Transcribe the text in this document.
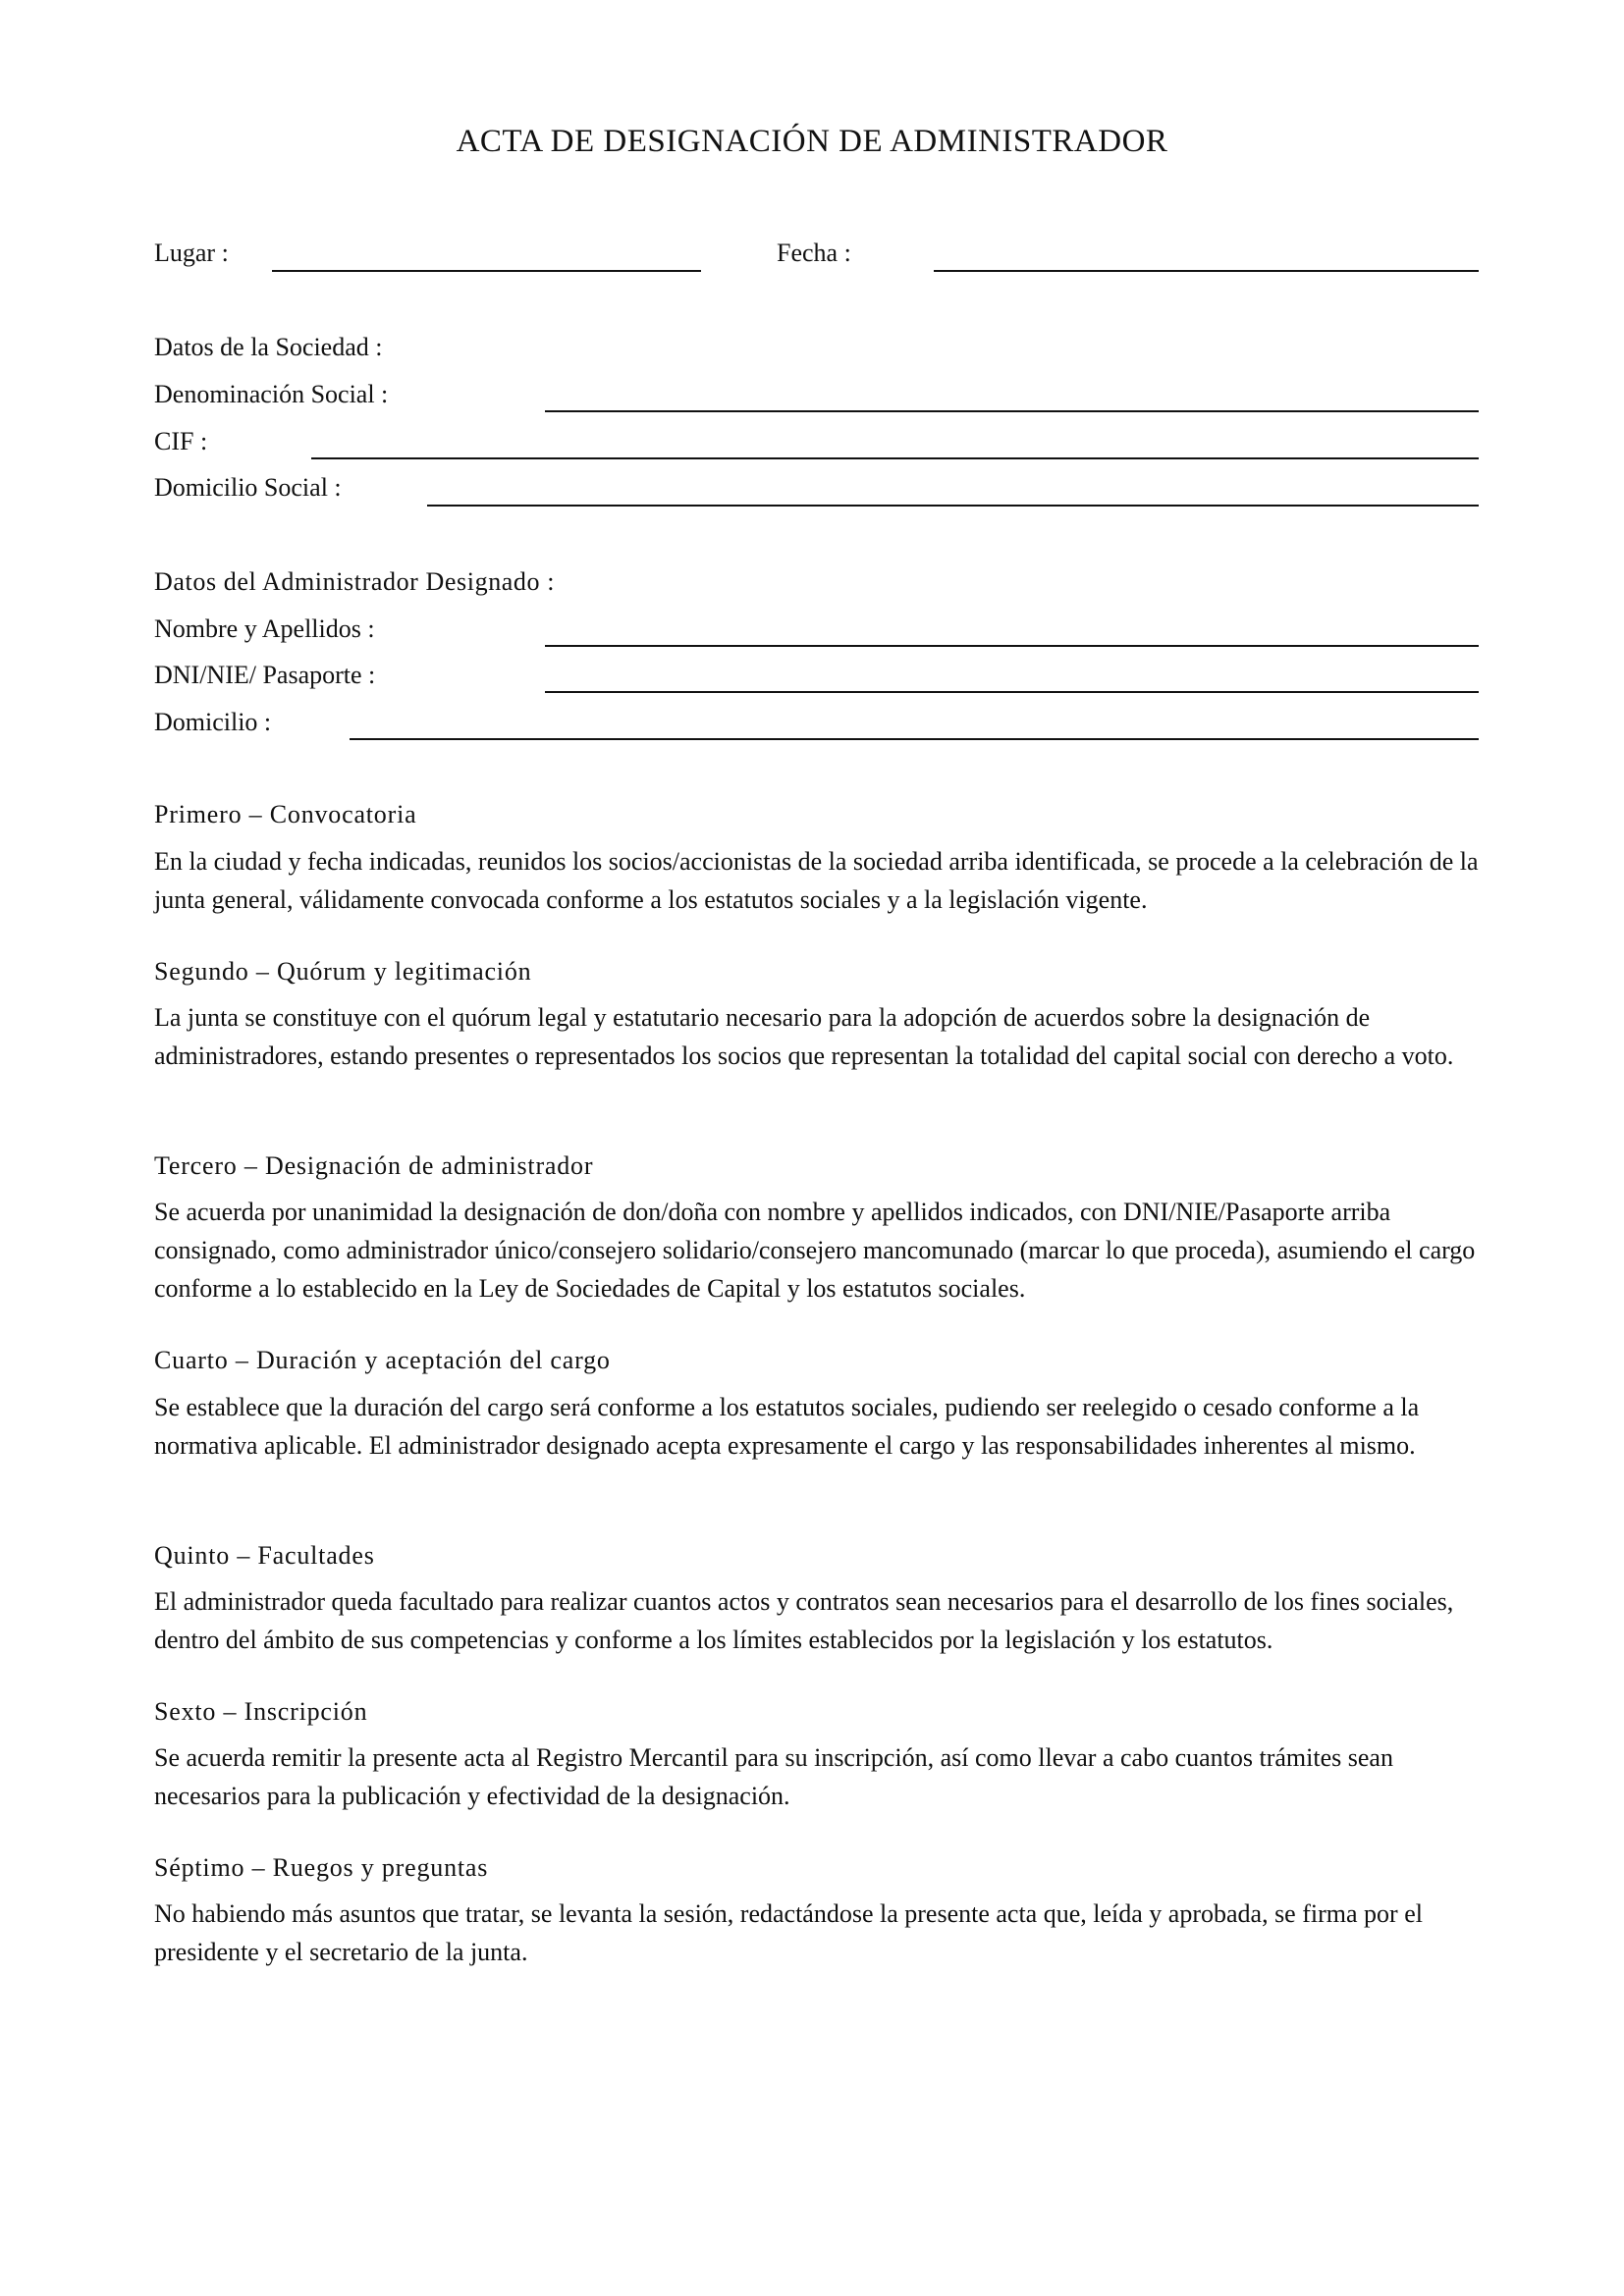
ACTA DE DESIGNACIÓN DE ADMINISTRADOR
Lugar :	Fecha :
Datos de la Sociedad :
Denominación Social :
CIF :
Domicilio Social :
Datos del Administrador Designado :
Nombre y Apellidos :
DNI/NIE/ Pasaporte :
Domicilio :
Primero – Convocatoria

En la ciudad y fecha indicadas, reunidos los socios/accionistas de la sociedad arriba identificada, se procede a la celebración de la junta general, válidamente convocada conforme a los estatutos sociales y a la legislación vigente.

Segundo – Quórum y legitimación

La junta se constituye con el quórum legal y estatutario necesario para la adopción de acuerdos sobre la designación de administradores, estando presentes o representados los socios que representan la totalidad del capital social con derecho a voto.

Tercero – Designación de administrador

Se acuerda por unanimidad la designación de don/doña con nombre y apellidos indicados, con DNI/NIE/Pasaporte arriba consignado, como administrador único/consejero solidario/consejero mancomunado (marcar lo que proceda), asumiendo el cargo conforme a lo establecido en la Ley de Sociedades de Capital y los estatutos sociales.

Cuarto – Duración y aceptación del cargo

Se establece que la duración del cargo será conforme a los estatutos sociales, pudiendo ser reelegido o cesado conforme a la normativa aplicable. El administrador designado acepta expresamente el cargo y las responsabilidades inherentes al mismo.

Quinto – Facultades

El administrador queda facultado para realizar cuantos actos y contratos sean necesarios para el desarrollo de los fines sociales, dentro del ámbito de sus competencias y conforme a los límites establecidos por la legislación y los estatutos.

Sexto – Inscripción

Se acuerda remitir la presente acta al Registro Mercantil para su inscripción, así como llevar a cabo cuantos trámites sean necesarios para la publicación y efectividad de la designación.

Séptimo – Ruegos y preguntas

No habiendo más asuntos que tratar, se levanta la sesión, redactándose la presente acta que, leída y aprobada, se firma por el presidente y el secretario de la junta.
